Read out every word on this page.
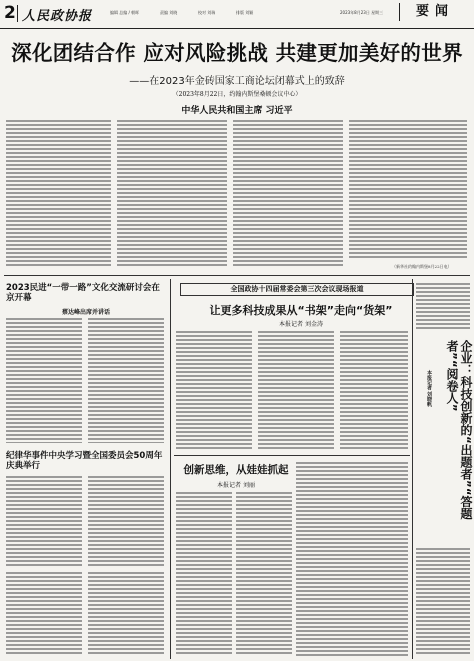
2 人民政协报	编辑 总编 / 朝晖	责编 刘晓	校对 刘瑞	排版 刘颖	2023年8月23日 星期三	要闻
深化团结合作 应对风险挑战 共建更加美好的世界
——在2023年金砖国家工商论坛闭幕式上的致辞
（2023年8月22日，约翰内斯堡桑顿会议中心）
中华人民共和国主席 习近平
（新华社约翰内斯堡8月22日电）
2023民进“一带一路”文化交流研讨会在京开幕
蔡达峰出席并讲话
纪律华事件中央学习暨全国委员会50周年庆典举行
全国政协十四届常委会第三次会议现场报道
让更多科技成果从“书架”走向“货架”
本报记者 刘金涛
企业：科技创新的“出题者”“答题者”“阅卷人”
本报记者 刘晓帆
创新思维，从娃娃抓起
本报记者 刘丽
